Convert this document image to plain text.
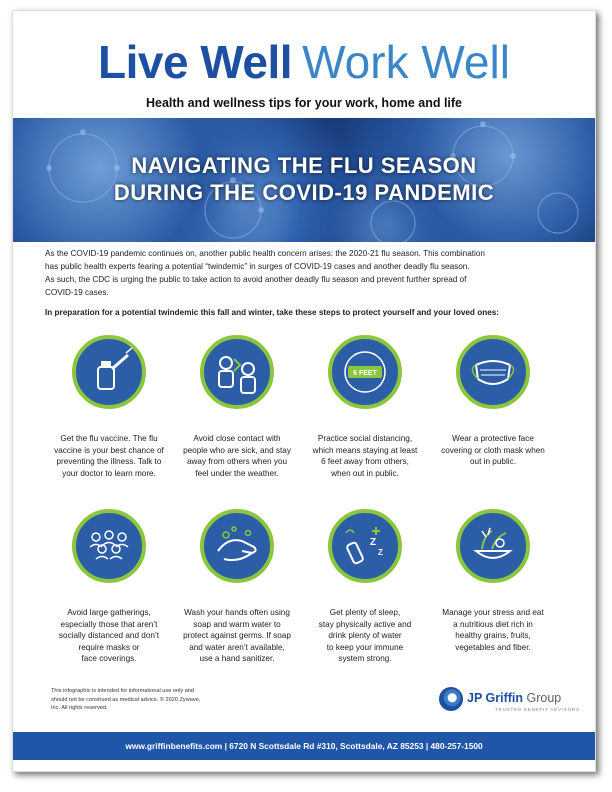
Live Well Work Well
Health and wellness tips for your work, home and life
NAVIGATING THE FLU SEASON
DURING THE COVID-19 PANDEMIC
As the COVID-19 pandemic continues on, another public health concern arises: the 2020-21 flu season. This combination
has public health experts fearing a potential “twindemic” in surges of COVID-19 cases and another deadly flu season.
As such, the CDC is urging the public to take action to avoid another deadly flu season and prevent further spread of
COVID-19 cases.
In preparation for a potential twindemic this fall and winter, take these steps to protect yourself and your loved ones:
Get the flu vaccine. The flu
vaccine is your best chance of
preventing the illness. Talk to
your doctor to learn more.
Avoid close contact with
people who are sick, and stay
away from others when you
feel under the weather.
6 FEET
Practice social distancing,
which means staying at least
6 feet away from others,
when out in public.
Wear a protective face
covering or cloth mask when
out in public.
Avoid large gatherings,
especially those that aren’t
socially distanced and don’t
require masks or
face coverings.
Wash your hands often using
soap and warm water to
protect against germs. If soap
and water aren’t available,
use a hand sanitizer.
Z
Z
Get plenty of sleep,
stay physically active and
drink plenty of water
to keep your immune
system strong.
Manage your stress and eat
a nutritious diet rich in
healthy grains, fruits,
vegetables and fiber.
This infographic is intended for informational use only and
should not be construed as medical advice. © 2020 Zywave,
Inc. All rights reserved.
JP Griffin Group
TRUSTED BENEFIT ADVISORS
www.griffinbenefits.com | 6720 N Scottsdale Rd #310, Scottsdale, AZ 85253 | 480-257-1500
